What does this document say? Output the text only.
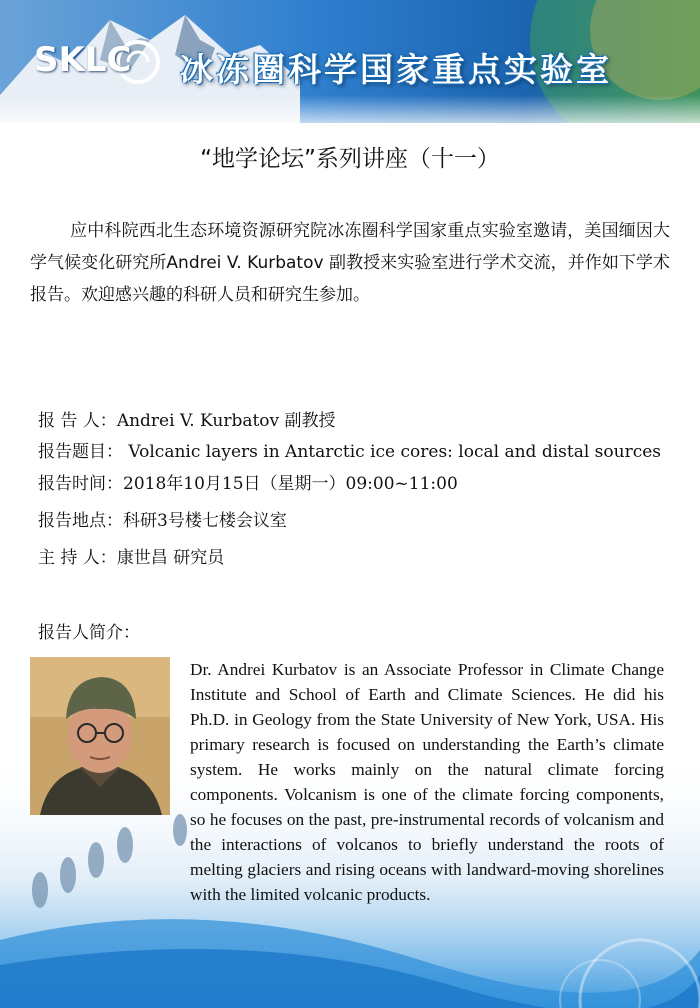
SKLC 冰冻圈科学国家重点实验室
“地学论坛”系列讲座（十一）
应中科院西北生态环境资源研究院冰冻圈科学国家重点实验室邀请，美国缅因大学气候变化研究所Andrei V. Kurbatov 副教授来实验室进行学术交流，并作如下学术报告。欢迎感兴趣的科研人员和研究生参加。
报 告 人：Andrei V. Kurbatov 副教授
报告题目： Volcanic layers in Antarctic ice cores: local and distal sources
报告时间：2018年10月15日（星期一）09:00~11:00
报告地点：科研3号楼七楼会议室
主 持 人：康世昌 研究员
报告人简介：
Dr. Andrei Kurbatov is an Associate Professor in Climate Change Institute and School of Earth and Climate Sciences. He did his Ph.D. in Geology from the State University of New York, USA. His primary research is focused on understanding the Earth’s climate system. He works mainly on the natural climate forcing components. Volcanism is one of the climate forcing components, so he focuses on the past, pre-instrumental records of volcanism and the interactions of volcanos to briefly understand the roots of melting glaciers and rising oceans with landward-moving shorelines with the limited volcanic products.
